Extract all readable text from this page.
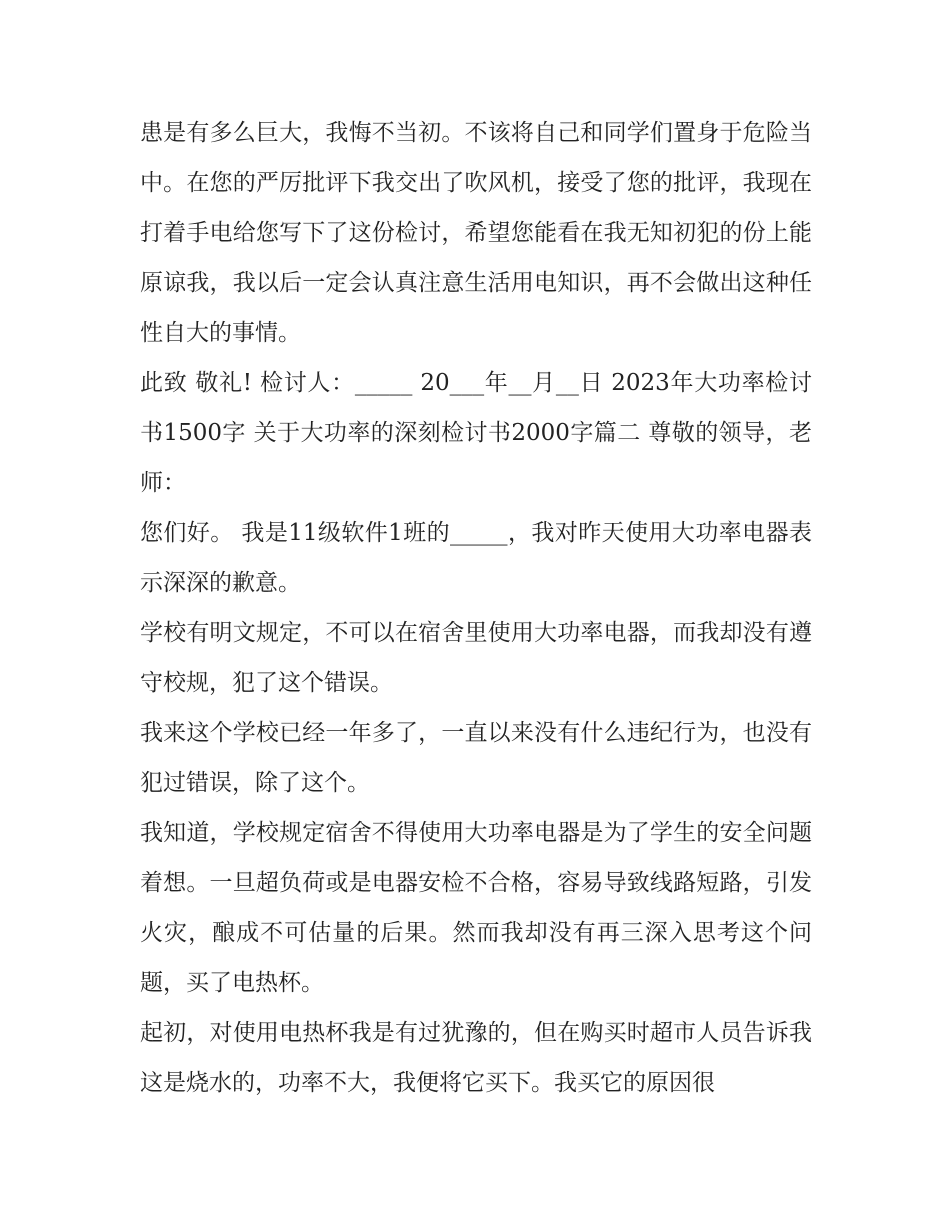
患是有多么巨大，我悔不当初。不该将自己和同学们置身于危险当中。在您的严厉批评下我交出了吹风机，接受了您的批评，我现在打着手电给您写下了这份检讨，希望您能看在我无知初犯的份上能原谅我，我以后一定会认真注意生活用电知识，再不会做出这种任性自大的事情。

此致 敬礼! 检讨人：_____ 20___年__月__日 2023年大功率检讨书1500字 关于大功率的深刻检讨书2000字篇二 尊敬的领导，老师：

您们好。 我是11级软件1班的_____，我对昨天使用大功率电器表示深深的歉意。

学校有明文规定，不可以在宿舍里使用大功率电器，而我却没有遵守校规，犯了这个错误。

我来这个学校已经一年多了，一直以来没有什么违纪行为，也没有犯过错误，除了这个。

我知道，学校规定宿舍不得使用大功率电器是为了学生的安全问题着想。一旦超负荷或是电器安检不合格，容易导致线路短路，引发火灾，酿成不可估量的后果。然而我却没有再三深入思考这个问题，买了电热杯。

起初，对使用电热杯我是有过犹豫的，但在购买时超市人员告诉我这是烧水的，功率不大，我便将它买下。我买它的原因很
